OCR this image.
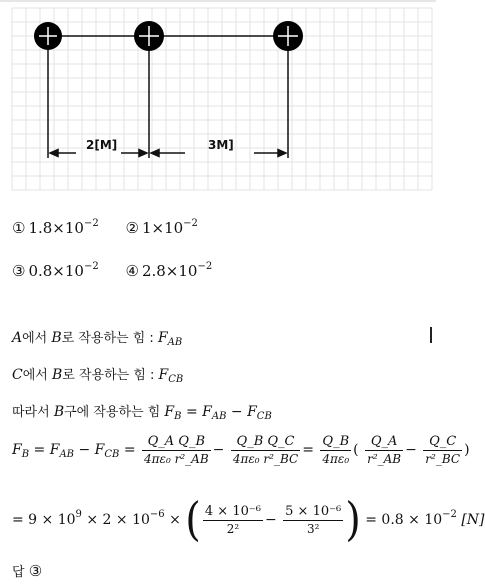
2[M]	3M]
① $1.8\times 10^{-2}$ ② $1\times 10^{-2}$
③ $0.8\times 10^{-2}$ ④ $2.8\times 10^{-2}$
A에서 B로 작용하는 힘 : $F_{AB}$
C에서 B로 작용하는 힘 : $F_{CB}$
따라서 B구에 작용하는 힘 $F_B = F_{AB} - F_{CB}$
$F_B = F_{AB} - F_{CB} = \frac{\text{Q\_A Q\_B}}{\text{4πε₀ r²\_AB}} - \frac{\text{Q\_B Q\_C}}{\text{4πε₀ r²\_BC}} = \frac{Q\_B}{\text{4πε₀}}$ ( $\frac{Q\_A}{\text{r²\_AB}} - \frac{Q\_C}{\text{r²\_BC}}$ )
= $9 \times 10^9 \times 2 \times 10^{-6}$ × ( $\frac{\text{4 × 10⁻⁶}}{\text{2²}} - \frac{\text{5 × 10⁻⁶}}{\text{3²}}$ ) = $0.8 \times 10^{-2}$ [N]
답 ③
